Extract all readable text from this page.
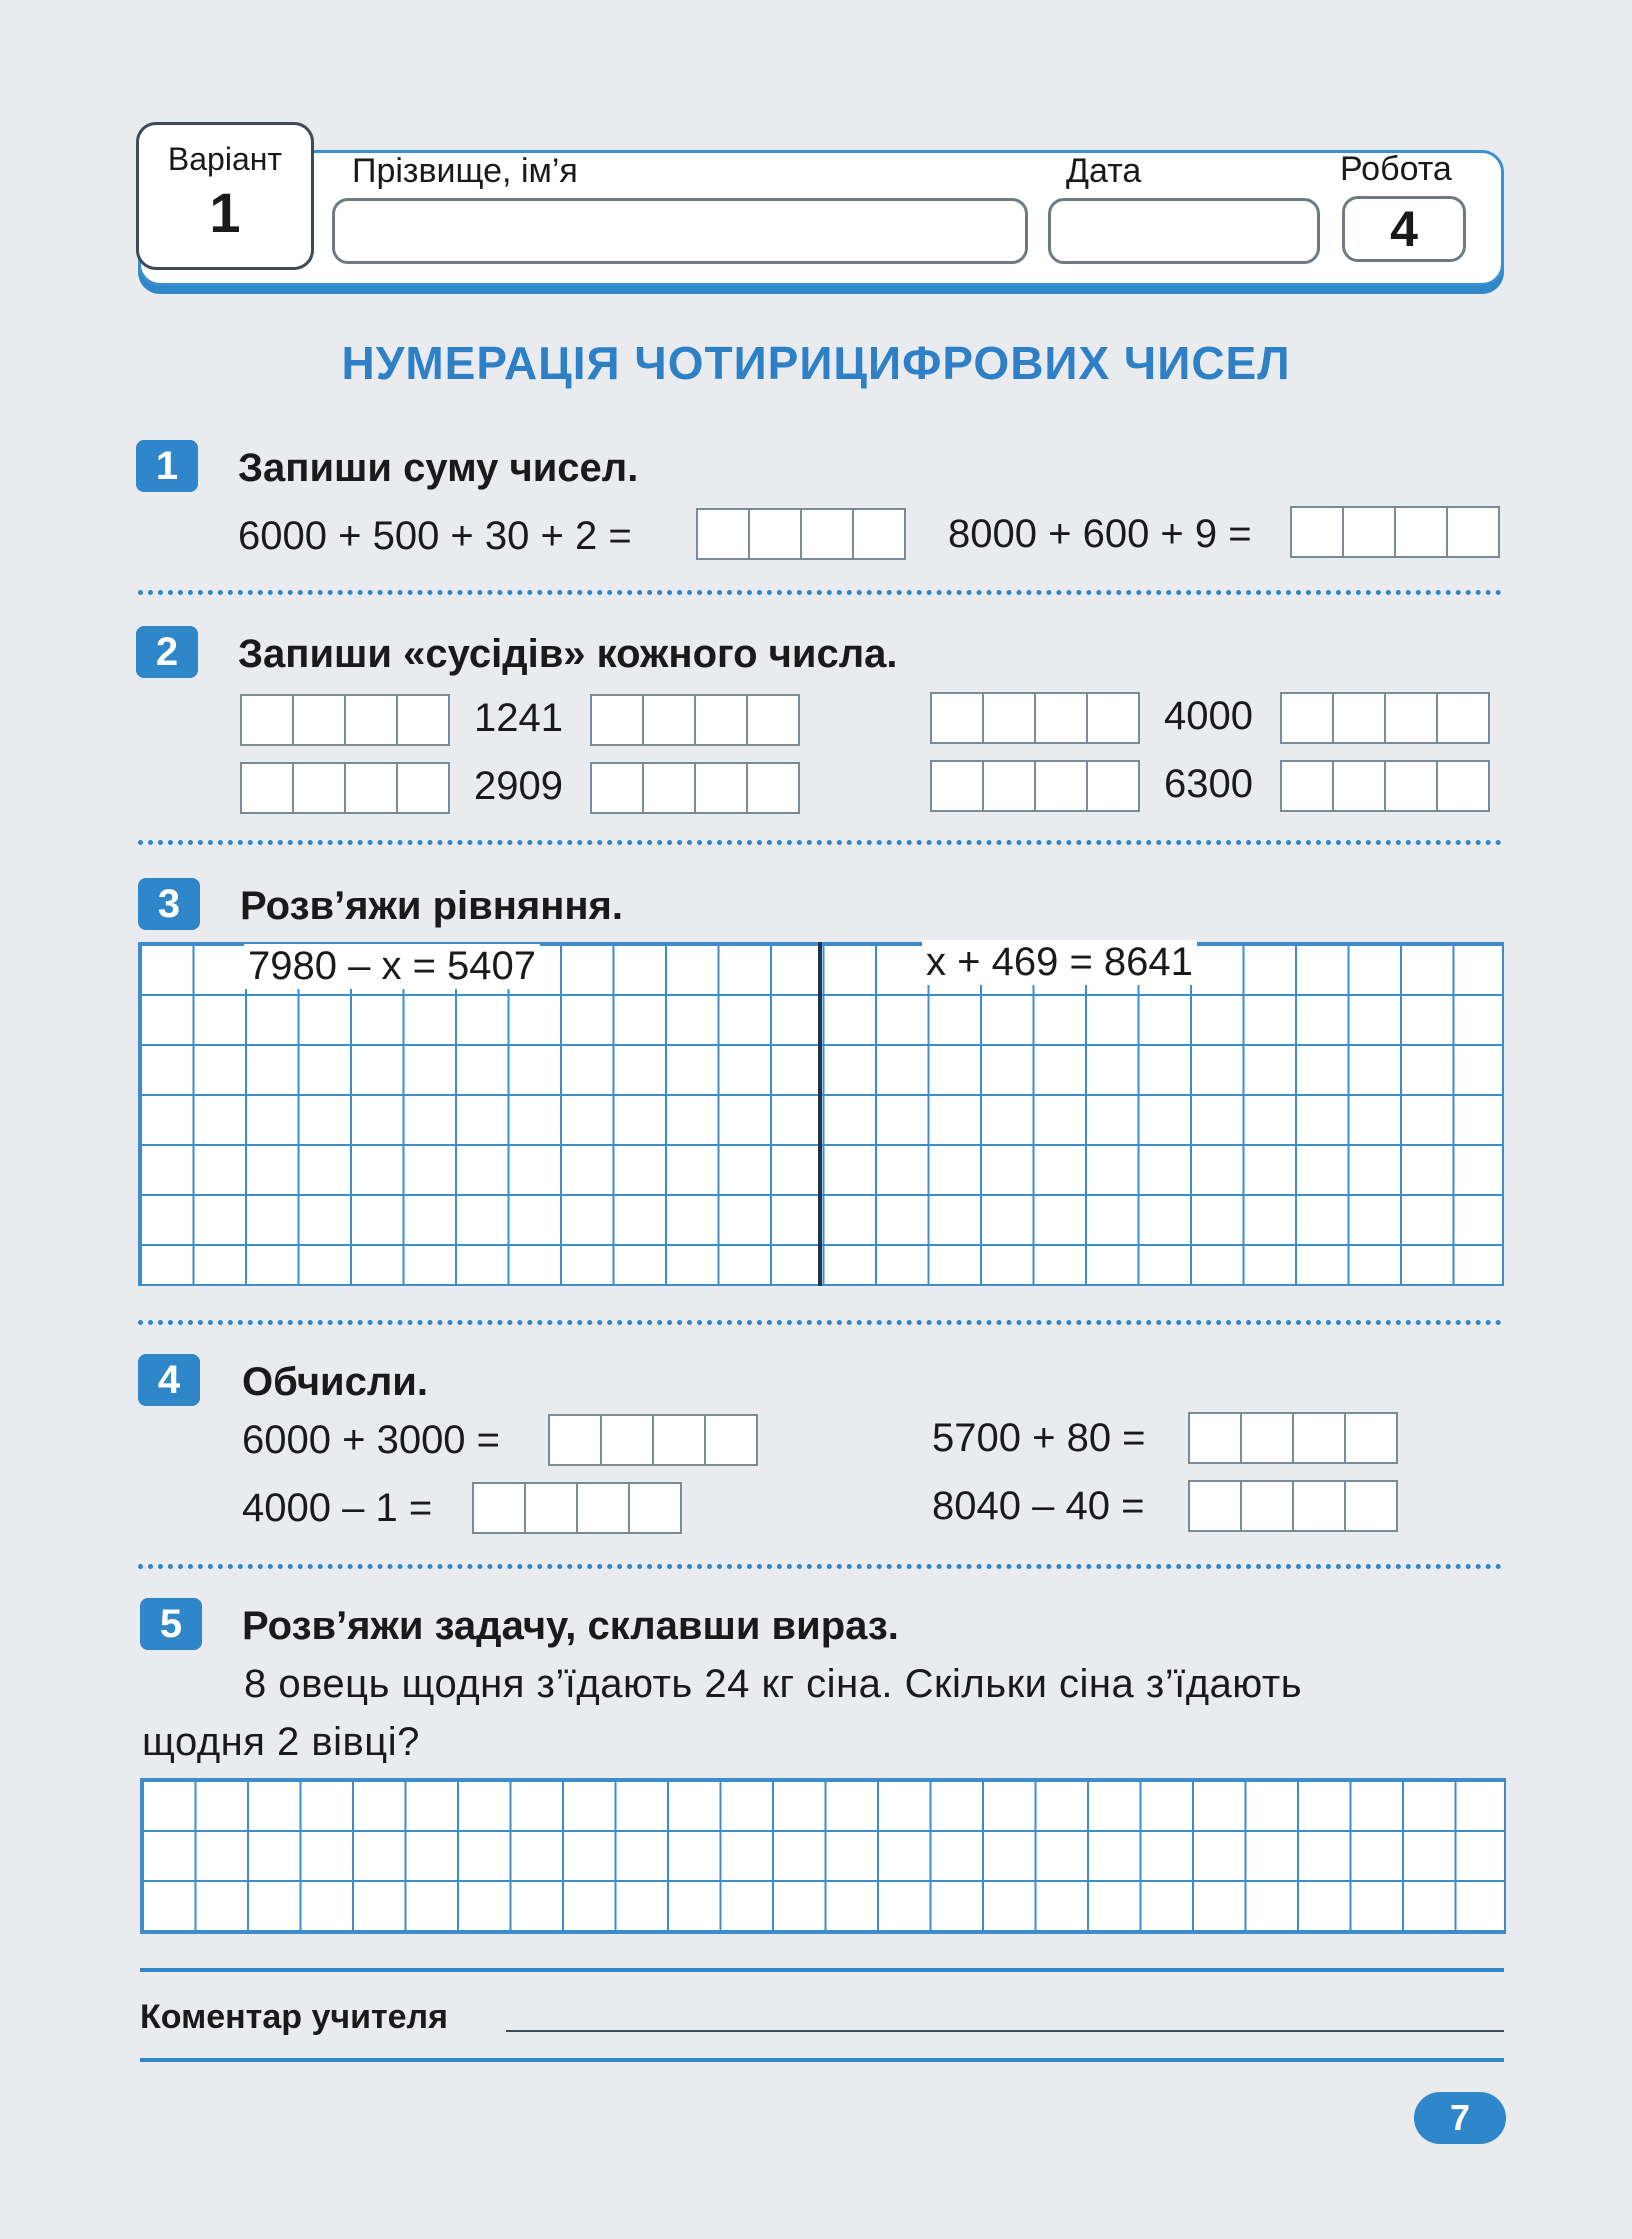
Варіант
1
Прізвище, ім’я	Дата	Робота
4
НУМЕРАЦІЯ ЧОТИРИЦИФРОВИХ ЧИСЕЛ
1	Запиши суму чисел.
6000 + 500 + 30 + 2 =	8000 + 600 + 9 =
2	Запиши «сусідів» кожного числа.
1241
2909
4000
6300
3	Розв’яжи рівняння.
7980 – x = 5407	x + 469 = 8641
4	Обчисли.
6000 + 3000 =	5700 + 80 =
4000 – 1 =	8040 – 40 =
5	Розв’яжи задачу, склавши вираз.
8 овець щодня з’їдають 24 кг сіна. Скільки сіна з’їдають
щодня 2 вівці?
Коментар учителя
7
